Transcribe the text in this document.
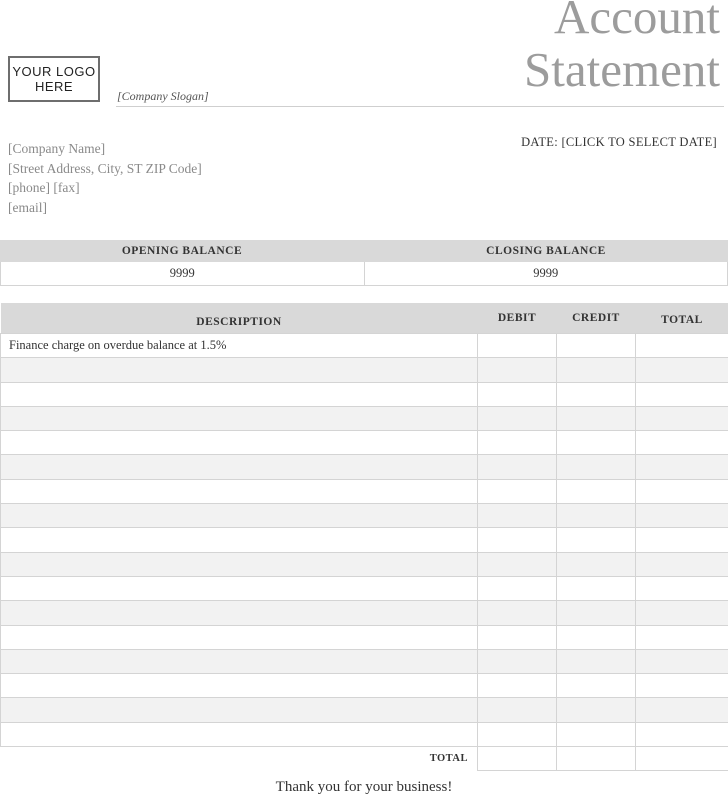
YOUR LOGO
HERE
[Company Slogan]
Account
Statement
[Company Name]
[Street Address, City, ST ZIP Code]
[phone] [fax]
[email]
DATE: [CLICK TO SELECT DATE]
OPENING BALANCE	CLOSING BALANCE
9999	9999
DESCRIPTION	DEBIT	CREDIT	TOTAL
Finance charge on overdue balance at 1.5%			

TOTAL			
Thank you for your business!
